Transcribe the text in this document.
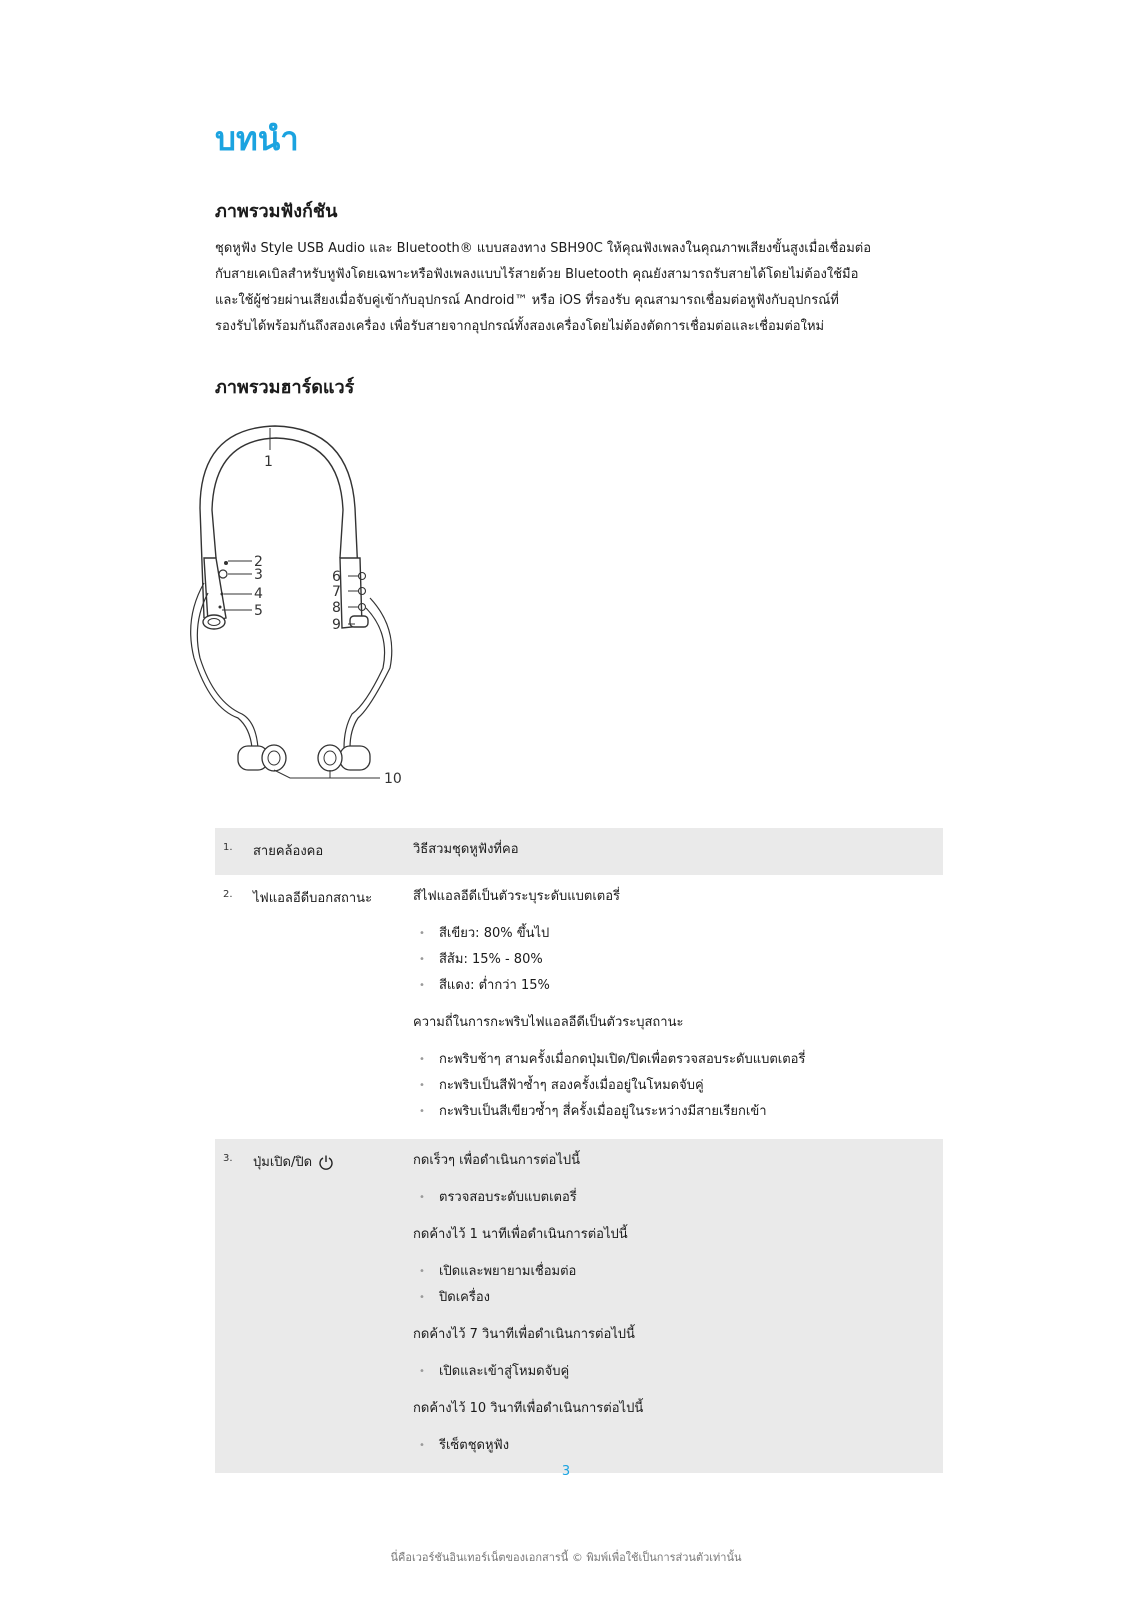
บทนำ
ภาพรวมฟังก์ชัน
ชุดหูฟัง Style USB Audio และ Bluetooth® แบบสองทาง SBH90C ให้คุณฟังเพลงในคุณภาพเสียงขั้นสูงเมื่อเชื่อมต่อ
กับสายเคเบิลสำหรับหูฟังโดยเฉพาะหรือฟังเพลงแบบไร้สายด้วย Bluetooth คุณยังสามารถรับสายได้โดยไม่ต้องใช้มือ
และใช้ผู้ช่วยผ่านเสียงเมื่อจับคู่เข้ากับอุปกรณ์ Android™ หรือ iOS ที่รองรับ คุณสามารถเชื่อมต่อหูฟังกับอุปกรณ์ที่
รองรับได้พร้อมกันถึงสองเครื่อง เพื่อรับสายจากอุปกรณ์ทั้งสองเครื่องโดยไม่ต้องตัดการเชื่อมต่อและเชื่อมต่อใหม่
ภาพรวมฮาร์ดแวร์
1
2
3
4
5
6
7
8
9
10
1.	สายคล้องคอ	วิธีสวมชุดหูฟังที่คอ

2.	ไฟแอลอีดีบอกสถานะ	สีไฟแอลอีดีเป็นตัวระบุระดับแบตเตอรี่

• สีเขียว: 80% ขึ้นไป
• สีส้ม: 15% - 80%
• สีแดง: ต่ำกว่า 15%

ความถี่ในการกะพริบไฟแอลอีดีเป็นตัวระบุสถานะ

• กะพริบช้าๆ สามครั้งเมื่อกดปุ่มเปิด/ปิดเพื่อตรวจสอบระดับแบตเตอรี่
• กะพริบเป็นสีฟ้าซ้ำๆ สองครั้งเมื่ออยู่ในโหมดจับคู่
• กะพริบเป็นสีเขียวซ้ำๆ สี่ครั้งเมื่ออยู่ในระหว่างมีสายเรียกเข้า
3.	ปุ่มเปิด/ปิด	กดเร็วๆ เพื่อดำเนินการต่อไปนี้

• ตรวจสอบระดับแบตเตอรี่

กดค้างไว้ 1 นาทีเพื่อดำเนินการต่อไปนี้

• เปิดและพยายามเชื่อมต่อ
• ปิดเครื่อง

กดค้างไว้ 7 วินาทีเพื่อดำเนินการต่อไปนี้

• เปิดและเข้าสู่โหมดจับคู่

กดค้างไว้ 10 วินาทีเพื่อดำเนินการต่อไปนี้

• รีเซ็ตชุดหูฟัง
3
นี่คือเวอร์ชันอินเทอร์เน็ตของเอกสารนี้ © พิมพ์เพื่อใช้เป็นการส่วนตัวเท่านั้น
